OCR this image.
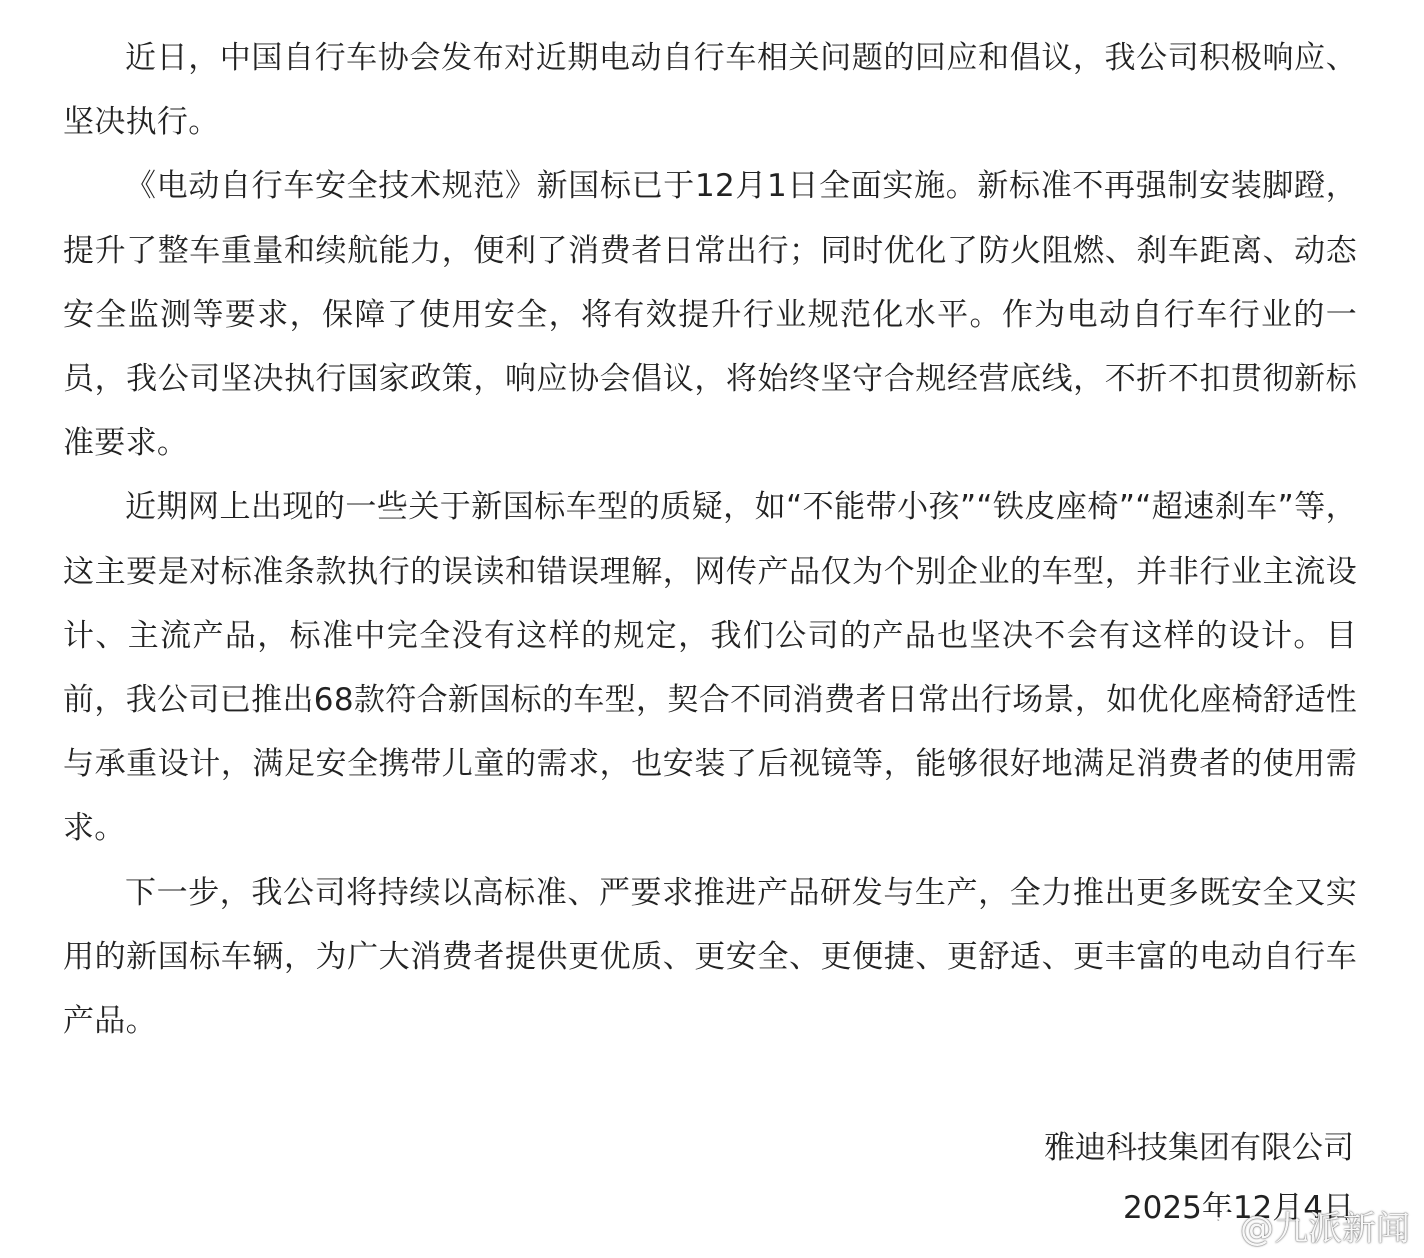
近日，中国自行车协会发布对近期电动自行车相关问题的回应和倡议，我公司积极响应、坚决执行。

《电动自行车安全技术规范》新国标已于12月1日全面实施。新标准不再强制安装脚蹬，提升了整车重量和续航能力，便利了消费者日常出行；同时优化了防火阻燃、刹车距离、动态安全监测等要求，保障了使用安全，将有效提升行业规范化水平。作为电动自行车行业的一员，我公司坚决执行国家政策，响应协会倡议，将始终坚守合规经营底线，不折不扣贯彻新标准要求。

近期网上出现的一些关于新国标车型的质疑，如“不能带小孩”“铁皮座椅”“超速刹车”等，这主要是对标准条款执行的误读和错误理解，网传产品仅为个别企业的车型，并非行业主流设计、主流产品，标准中完全没有这样的规定，我们公司的产品也坚决不会有这样的设计。目前，我公司已推出68款符合新国标的车型，契合不同消费者日常出行场景，如优化座椅舒适性与承重设计，满足安全携带儿童的需求，也安装了后视镜等，能够很好地满足消费者的使用需求。

下一步，我公司将持续以高标准、严要求推进产品研发与生产，全力推出更多既安全又实用的新国标车辆，为广大消费者提供更优质、更安全、更便捷、更舒适、更丰富的电动自行车产品。

雅迪科技集团有限公司
2025年12月4日
@九派新闻
